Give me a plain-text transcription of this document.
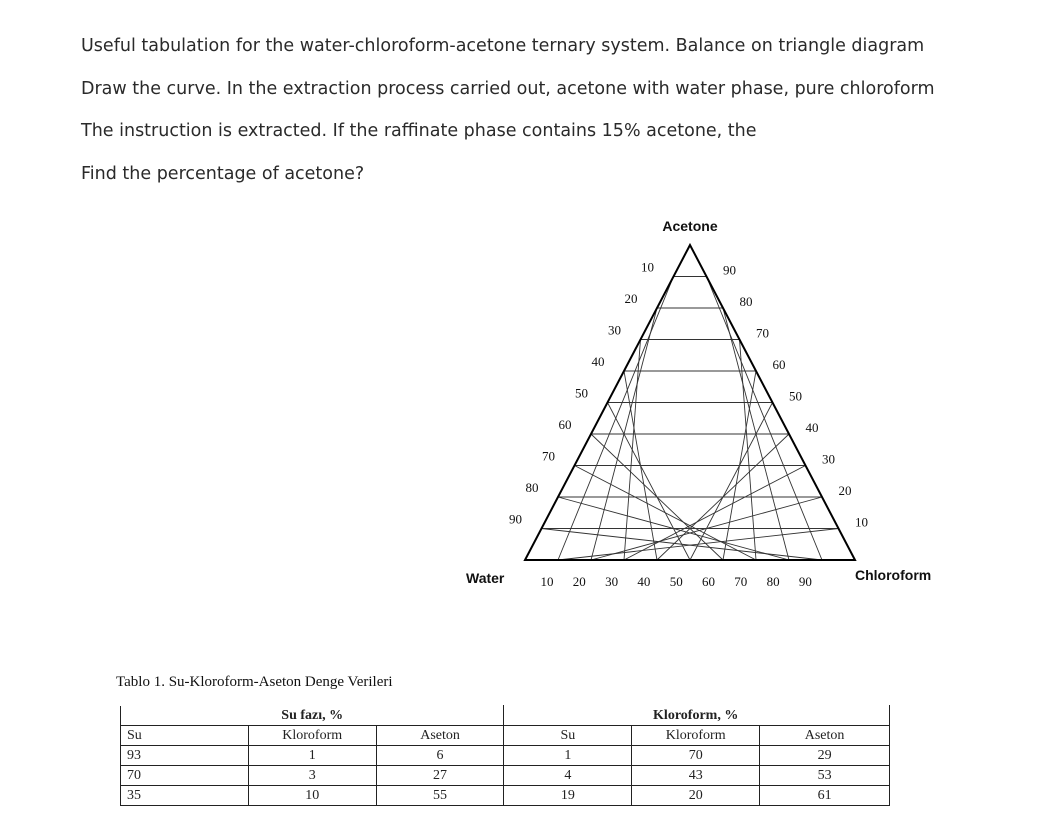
Useful tabulation for the water-chloroform-acetone ternary system. Balance on triangle diagram

Draw the curve. In the extraction process carried out, acetone with water phase, pure chloroform

The instruction is extracted. If the raffinate phase contains 15% acetone, the

Find the percentage of acetone?

10	90
20	80
30	70
40	60
50	50
60	40
70	30
80	20
90	10
10 20 30 40 50 60 70 80 90
Acetone
Water	Chloroform

Tablo 1. Su-Kloroform-Aseton Denge Verileri

	Su fazı, %			Kloroform, %	
Su	Kloroform	Aseton	Su	Kloroform	Aseton
93	1	6	1	70	29
70	3	27	4	43	53
35	10	55	19	20	61
